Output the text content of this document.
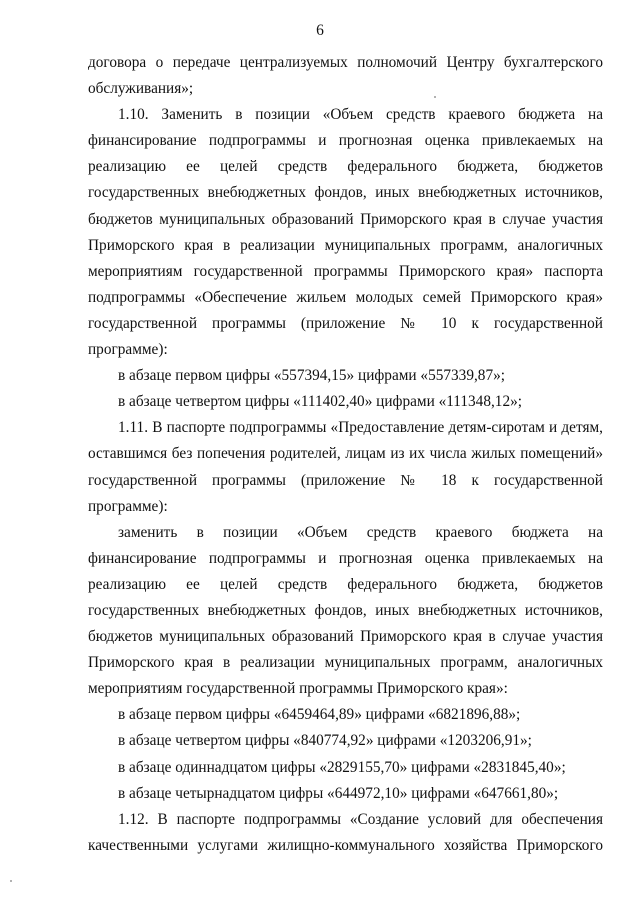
6
договора о передаче централизуемых полномочий Центру бухгалтерского
обслуживания»;
1.10. Заменить в позиции «Объем средств краевого бюджета на
финансирование подпрограммы и прогнозная оценка привлекаемых на
реализацию ее целей средств федерального бюджета, бюджетов
государственных внебюджетных фондов, иных внебюджетных источников,
бюджетов муниципальных образований Приморского края в случае участия
Приморского края в реализации муниципальных программ, аналогичных
мероприятиям государственной программы Приморского края» паспорта
подпрограммы «Обеспечение жильем молодых семей Приморского края»
государственной программы (приложение № 10 к государственной
программе):
в абзаце первом цифры «557394,15» цифрами «557339,87»;
в абзаце четвертом цифры «111402,40» цифрами «111348,12»;
1.11. В паспорте подпрограммы «Предоставление детям-сиротам и детям,
оставшимся без попечения родителей, лицам из их числа жилых помещений»
государственной программы (приложение № 18 к государственной
программе):
заменить в позиции «Объем средств краевого бюджета на
финансирование подпрограммы и прогнозная оценка привлекаемых на
реализацию ее целей средств федерального бюджета, бюджетов
государственных внебюджетных фондов, иных внебюджетных источников,
бюджетов муниципальных образований Приморского края в случае участия
Приморского края в реализации муниципальных программ, аналогичных
мероприятиям государственной программы Приморского края»:
в абзаце первом цифры «6459464,89» цифрами «6821896,88»;
в абзаце четвертом цифры «840774,92» цифрами «1203206,91»;
в абзаце одиннадцатом цифры «2829155,70» цифрами «2831845,40»;
в абзаце четырнадцатом цифры «644972,10» цифрами «647661,80»;
1.12. В паспорте подпрограммы «Создание условий для обеспечения
качественными услугами жилищно-коммунального хозяйства Приморского
